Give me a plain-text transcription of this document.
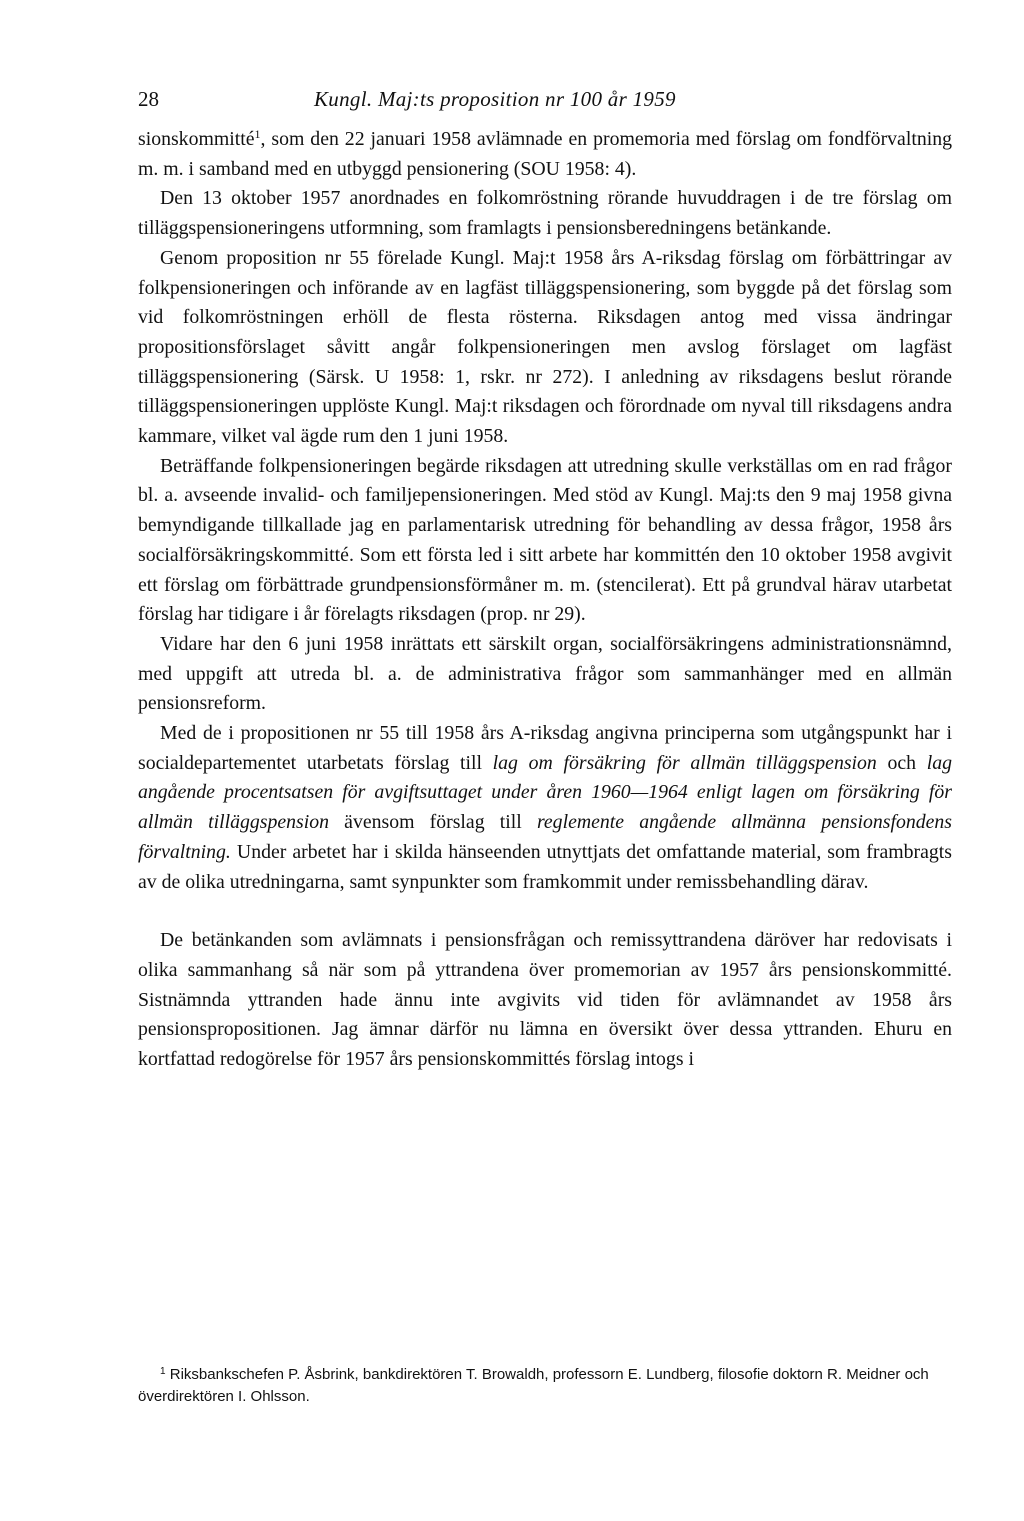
28	Kungl. Maj:ts proposition nr 100 år 1959

sionskommitté$^1$, som den 22 januari 1958 avlämnade en promemoria med förslag om fondförvaltning m. m. i samband med en utbyggd pensionering (SOU 1958: 4).

Den 13 oktober 1957 anordnades en folkomröstning rörande huvuddragen i de tre förslag om tilläggspensioneringens utformning, som framlagts i pensionsberedningens betänkande.

Genom proposition nr 55 förelade Kungl. Maj:t 1958 års A-riksdag förslag om förbättringar av folkpensioneringen och införande av en lagfäst tilläggspensionering, som byggde på det förslag som vid folkomröstningen erhöll de flesta rösterna. Riksdagen antog med vissa ändringar propositionsförslaget såvitt angår folkpensioneringen men avslog förslaget om lagfäst tilläggspensionering (Särsk. U 1958: 1, rskr. nr 272). I anledning av riksdagens beslut rörande tilläggspensioneringen upplöste Kungl. Maj:t riksdagen och förordnade om nyval till riksdagens andra kammare, vilket val ägde rum den 1 juni 1958.

Beträffande folkpensioneringen begärde riksdagen att utredning skulle verkställas om en rad frågor bl. a. avseende invalid- och familjepensioneringen. Med stöd av Kungl. Maj:ts den 9 maj 1958 givna bemyndigande tillkallade jag en parlamentarisk utredning för behandling av dessa frågor, 1958 års socialförsäkringskommitté. Som ett första led i sitt arbete har kommittén den 10 oktober 1958 avgivit ett förslag om förbättrade grundpensionsförmåner m. m. (stencilerat). Ett på grundval härav utarbetat förslag har tidigare i år förelagts riksdagen (prop. nr 29).

Vidare har den 6 juni 1958 inrättats ett särskilt organ, socialförsäkringens administrationsnämnd, med uppgift att utreda bl. a. de administrativa frågor som sammanhänger med en allmän pensionsreform.

Med de i propositionen nr 55 till 1958 års A-riksdag angivna principerna som utgångspunkt har i socialdepartementet utarbetats förslag till lag om försäkring för allmän tilläggspension och lag angående procentsatsen för avgiftsuttaget under åren 1960—1964 enligt lagen om försäkring för allmän tilläggspension ävensom förslag till reglemente angående allmänna pensionsfondens förvaltning. Under arbetet har i skilda hänseenden utnyttjats det omfattande material, som frambragts av de olika utredningarna, samt synpunkter som framkommit under remissbehandling därav.

De betänkanden som avlämnats i pensionsfrågan och remissyttrandena däröver har redovisats i olika sammanhang så när som på yttrandena över promemorian av 1957 års pensionskommitté. Sistnämnda yttranden hade ännu inte avgivits vid tiden för avlämnandet av 1958 års pensionspropositionen. Jag ämnar därför nu lämna en översikt över dessa yttranden. Ehuru en kortfattad redogörelse för 1957 års pensionskommittés förslag intogs i

$^1$ Riksbankschefen P. Åsbrink, bankdirektören T. Browaldh, professorn E. Lundberg, filosofie doktorn R. Meidner och överdirektören I. Ohlsson.
